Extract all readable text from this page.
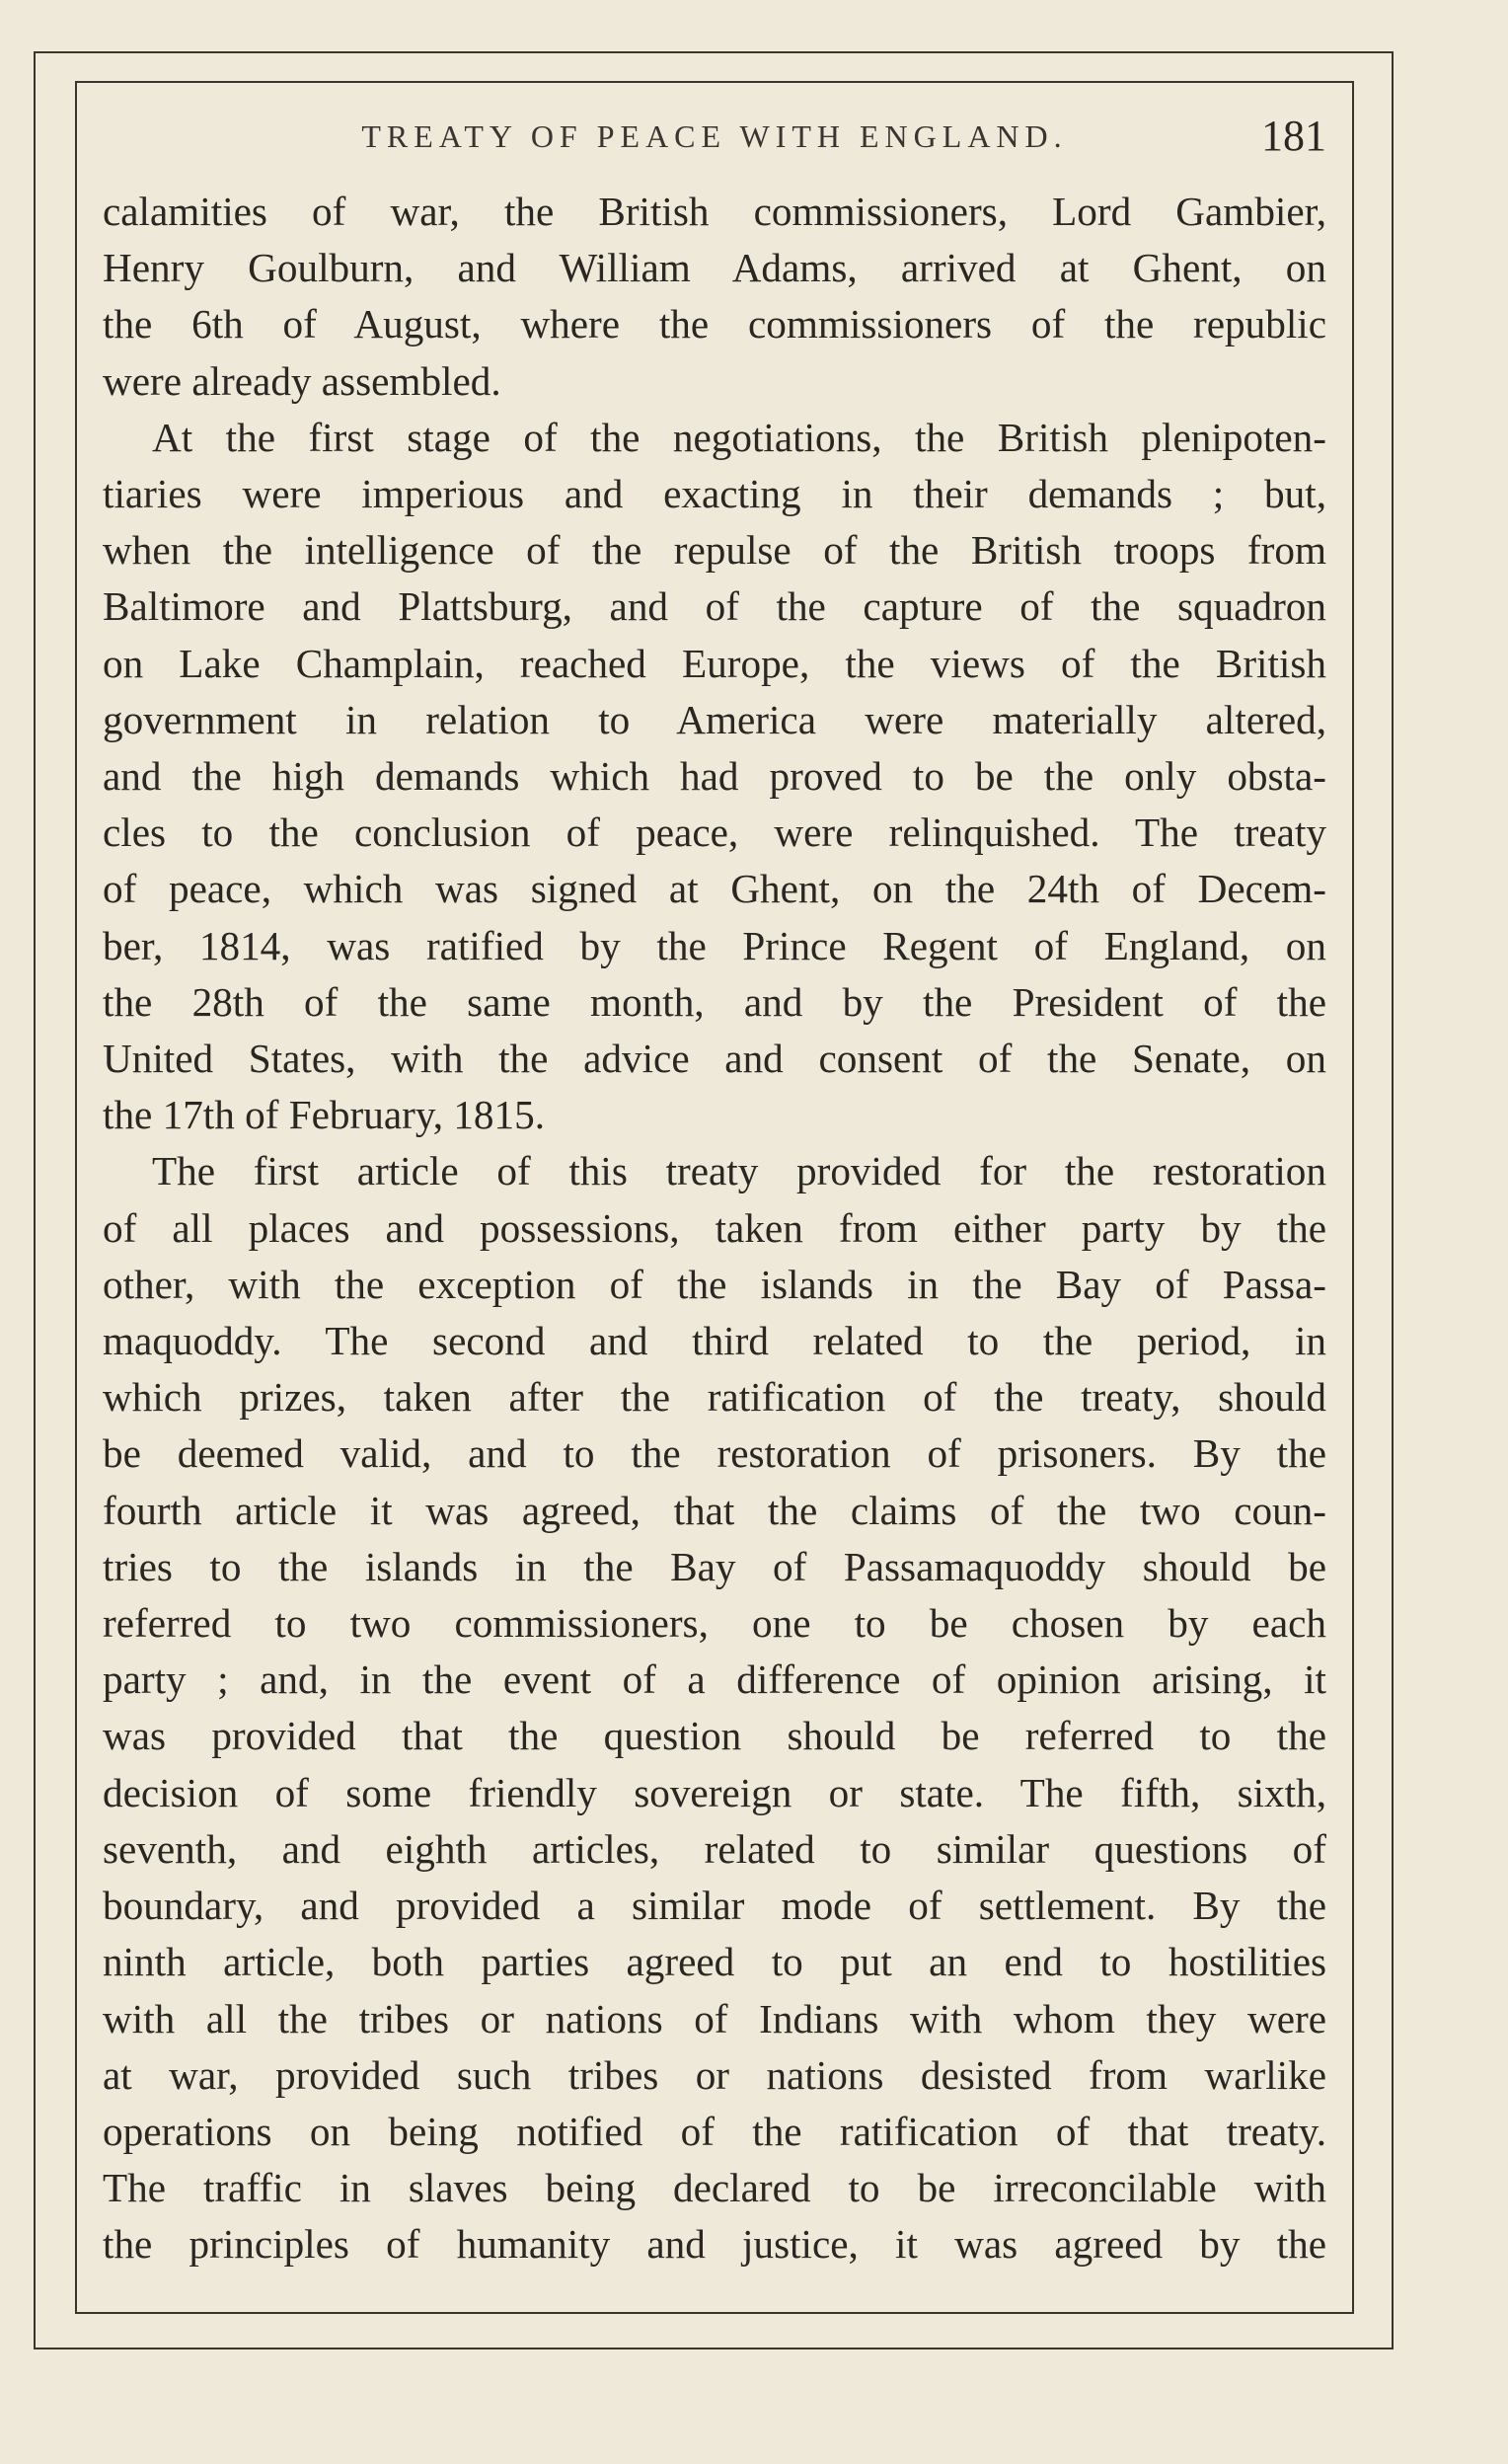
TREATY OF PEACE WITH ENGLAND.	181
calamities of war, the British commissioners, Lord Gambier,
Henry Goulburn, and William Adams, arrived at Ghent, on
the 6th of August, where the commissioners of the republic
were already assembled.
At the first stage of the negotiations, the British plenipoten-
tiaries were imperious and exacting in their demands ; but,
when the intelligence of the repulse of the British troops from
Baltimore and Plattsburg, and of the capture of the squadron
on Lake Champlain, reached Europe, the views of the British
government in relation to America were materially altered,
and the high demands which had proved to be the only obsta-
cles to the conclusion of peace, were relinquished. The treaty
of peace, which was signed at Ghent, on the 24th of Decem-
ber, 1814, was ratified by the Prince Regent of England, on
the 28th of the same month, and by the President of the
United States, with the advice and consent of the Senate, on
the 17th of February, 1815.
The first article of this treaty provided for the restoration
of all places and possessions, taken from either party by the
other, with the exception of the islands in the Bay of Passa-
maquoddy. The second and third related to the period, in
which prizes, taken after the ratification of the treaty, should
be deemed valid, and to the restoration of prisoners. By the
fourth article it was agreed, that the claims of the two coun-
tries to the islands in the Bay of Passamaquoddy should be
referred to two commissioners, one to be chosen by each
party ; and, in the event of a difference of opinion arising, it
was provided that the question should be referred to the
decision of some friendly sovereign or state. The fifth, sixth,
seventh, and eighth articles, related to similar questions of
boundary, and provided a similar mode of settlement. By the
ninth article, both parties agreed to put an end to hostilities
with all the tribes or nations of Indians with whom they were
at war, provided such tribes or nations desisted from warlike
operations on being notified of the ratification of that treaty.
The traffic in slaves being declared to be irreconcilable with
the principles of humanity and justice, it was agreed by the
